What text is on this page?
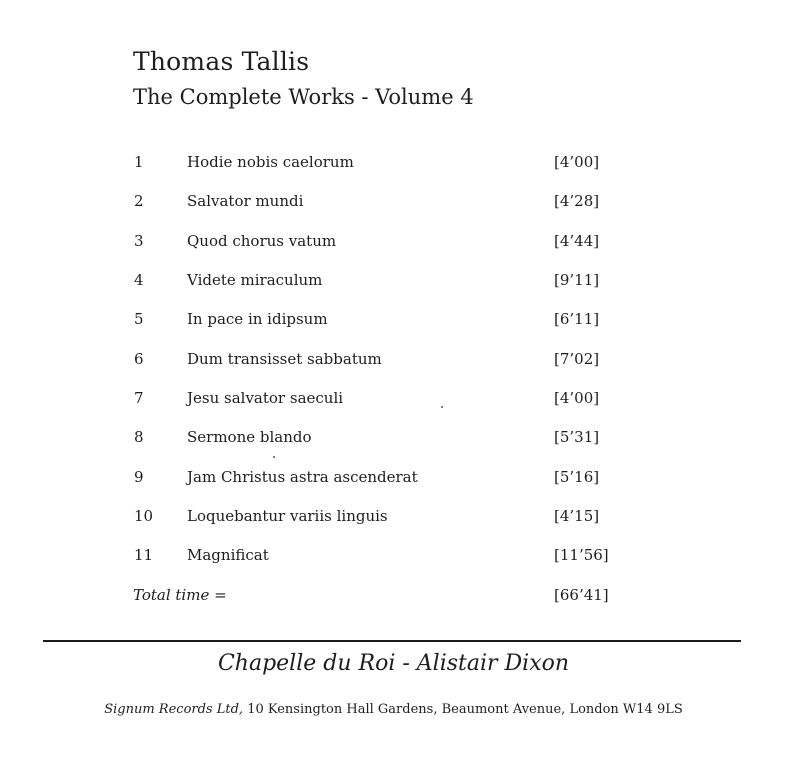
Thomas Tallis
The Complete Works - Volume 4
1	Hodie nobis caelorum	[4’00]
2	Salvator mundi	[4’28]
3	Quod chorus vatum	[4’44]
4	Videte miraculum	[9’11]
5	In pace in idipsum	[6’11]
6	Dum transisset sabbatum	[7’02]
7	Jesu salvator saeculi	[4’00]
8	Sermone blando	[5’31]
9	Jam Christus astra ascenderat	[5’16]
10 Loquebantur variis linguis	[4’15]
11 Magnificat	[11’56]
Total time =	[66’41]
Chapelle du Roi - Alistair Dixon
Signum Records Ltd, 10 Kensington Hall Gardens, Beaumont Avenue, London W14 9LS
